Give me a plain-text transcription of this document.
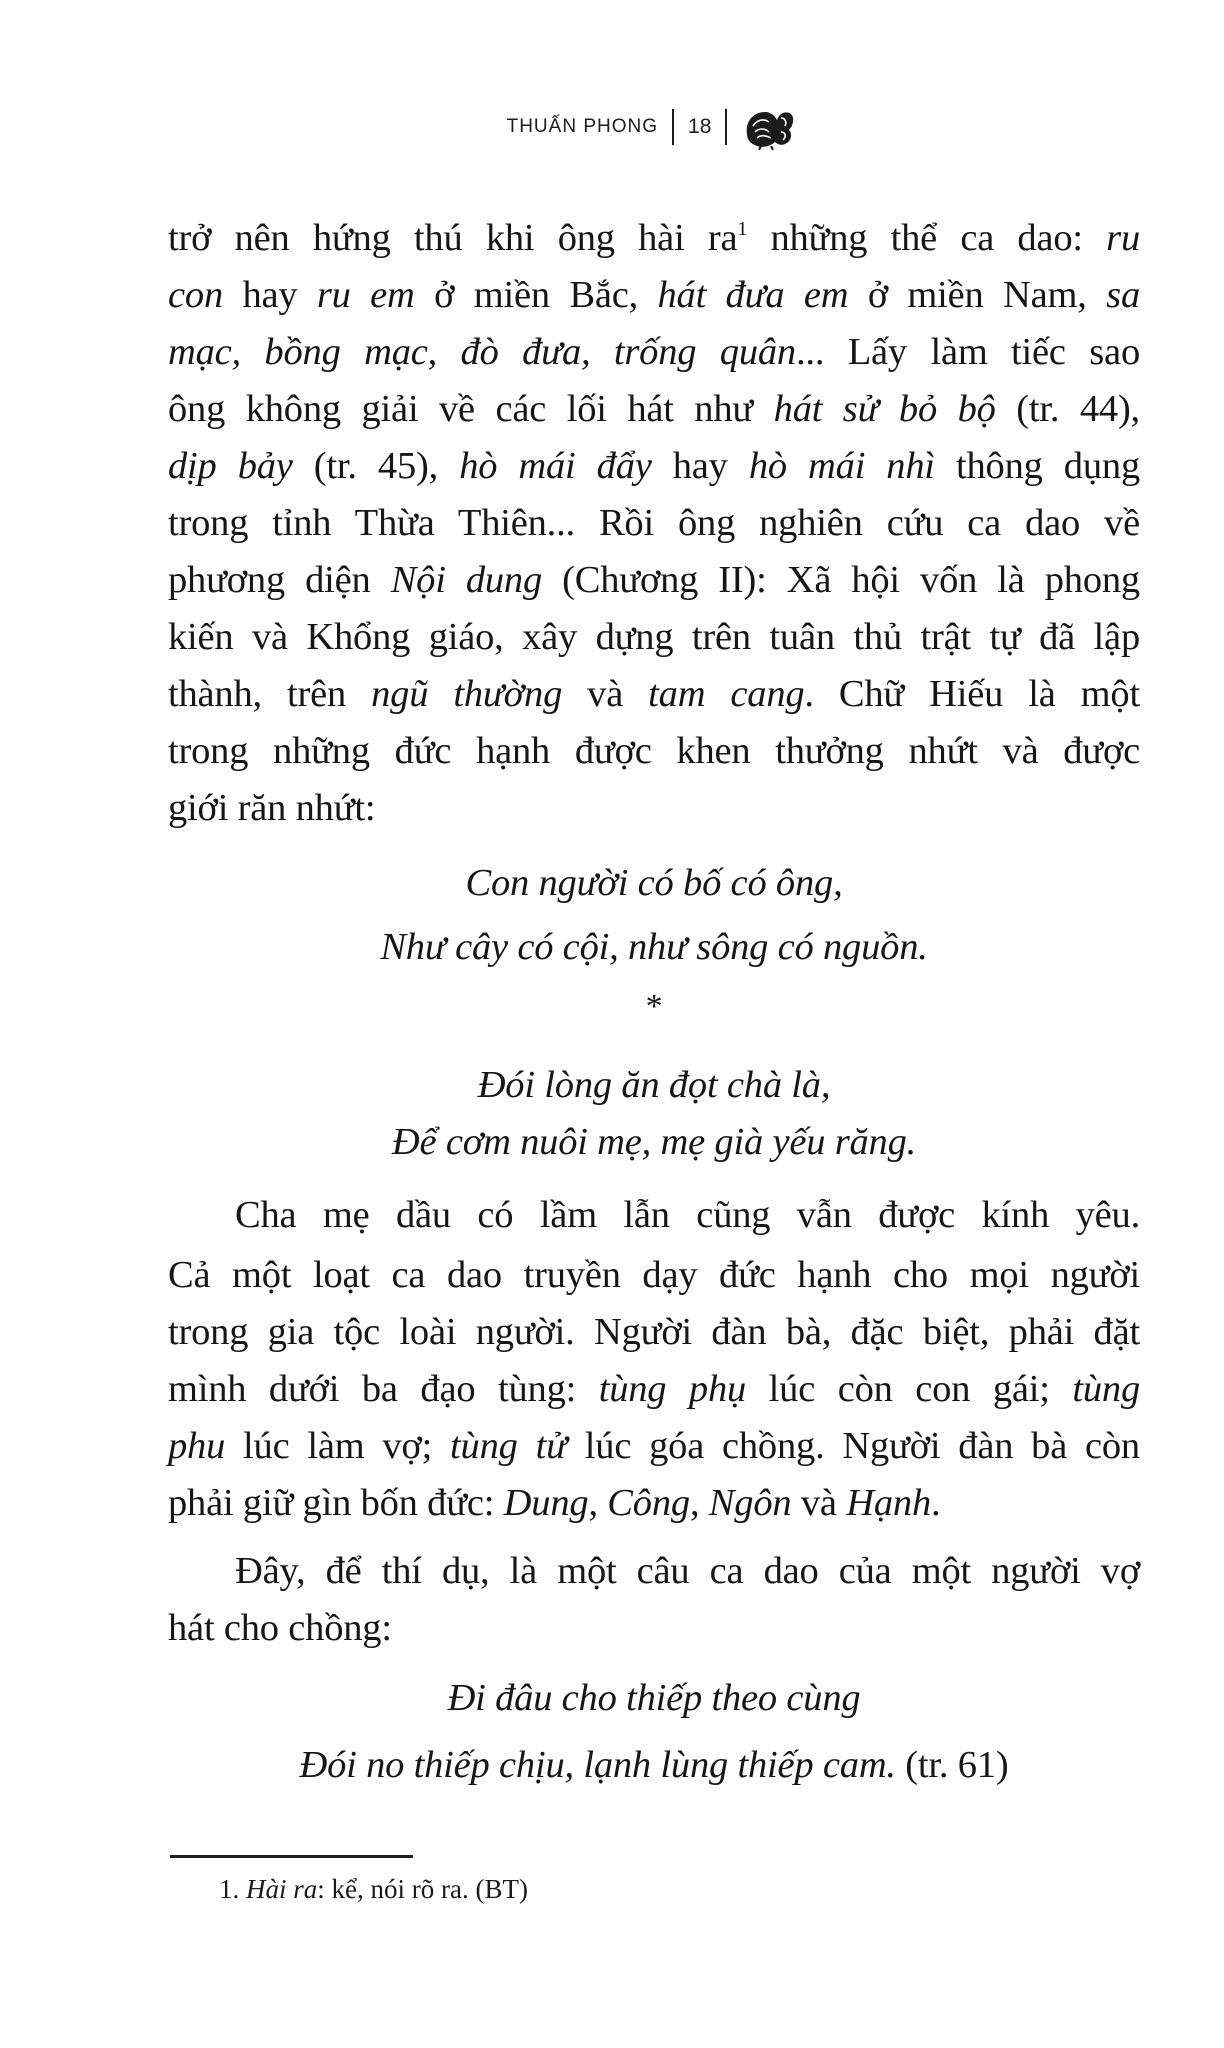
THUẤN PHONG 18
trở nên hứng thú khi ông hài ra$^1$ những thể ca dao: ru
con hay ru em ở miền Bắc, hát đưa em ở miền Nam, sa
mạc, bồng mạc, đò đưa, trống quân... Lấy làm tiếc sao
ông không giải về các lối hát như hát sử bỏ bộ (tr. 44),
dịp bảy (tr. 45), hò mái đẩy hay hò mái nhì thông dụng
trong tỉnh Thừa Thiên... Rồi ông nghiên cứu ca dao về
phương diện Nội dung (Chương II): Xã hội vốn là phong
kiến và Khổng giáo, xây dựng trên tuân thủ trật tự đã lập
thành, trên ngũ thường và tam cang. Chữ Hiếu là một
trong những đức hạnh được khen thưởng nhứt và được
giới răn nhứt:
Con người có bố có ông,
Như cây có cội, như sông có nguồn.
*
Đói lòng ăn đọt chà là,
Để cơm nuôi mẹ, mẹ già yếu răng.
Cha mẹ dầu có lầm lẫn cũng vẫn được kính yêu.
Cả một loạt ca dao truyền dạy đức hạnh cho mọi người
trong gia tộc loài người. Người đàn bà, đặc biệt, phải đặt
mình dưới ba đạo tùng: tùng phụ lúc còn con gái; tùng
phu lúc làm vợ; tùng tử lúc góa chồng. Người đàn bà còn
phải giữ gìn bốn đức: Dung, Công, Ngôn và Hạnh.
Đây, để thí dụ, là một câu ca dao của một người vợ
hát cho chồng:
Đi đâu cho thiếp theo cùng
Đói no thiếp chịu, lạnh lùng thiếp cam. (tr. 61)
1. Hài ra: kể, nói rõ ra. (BT)
